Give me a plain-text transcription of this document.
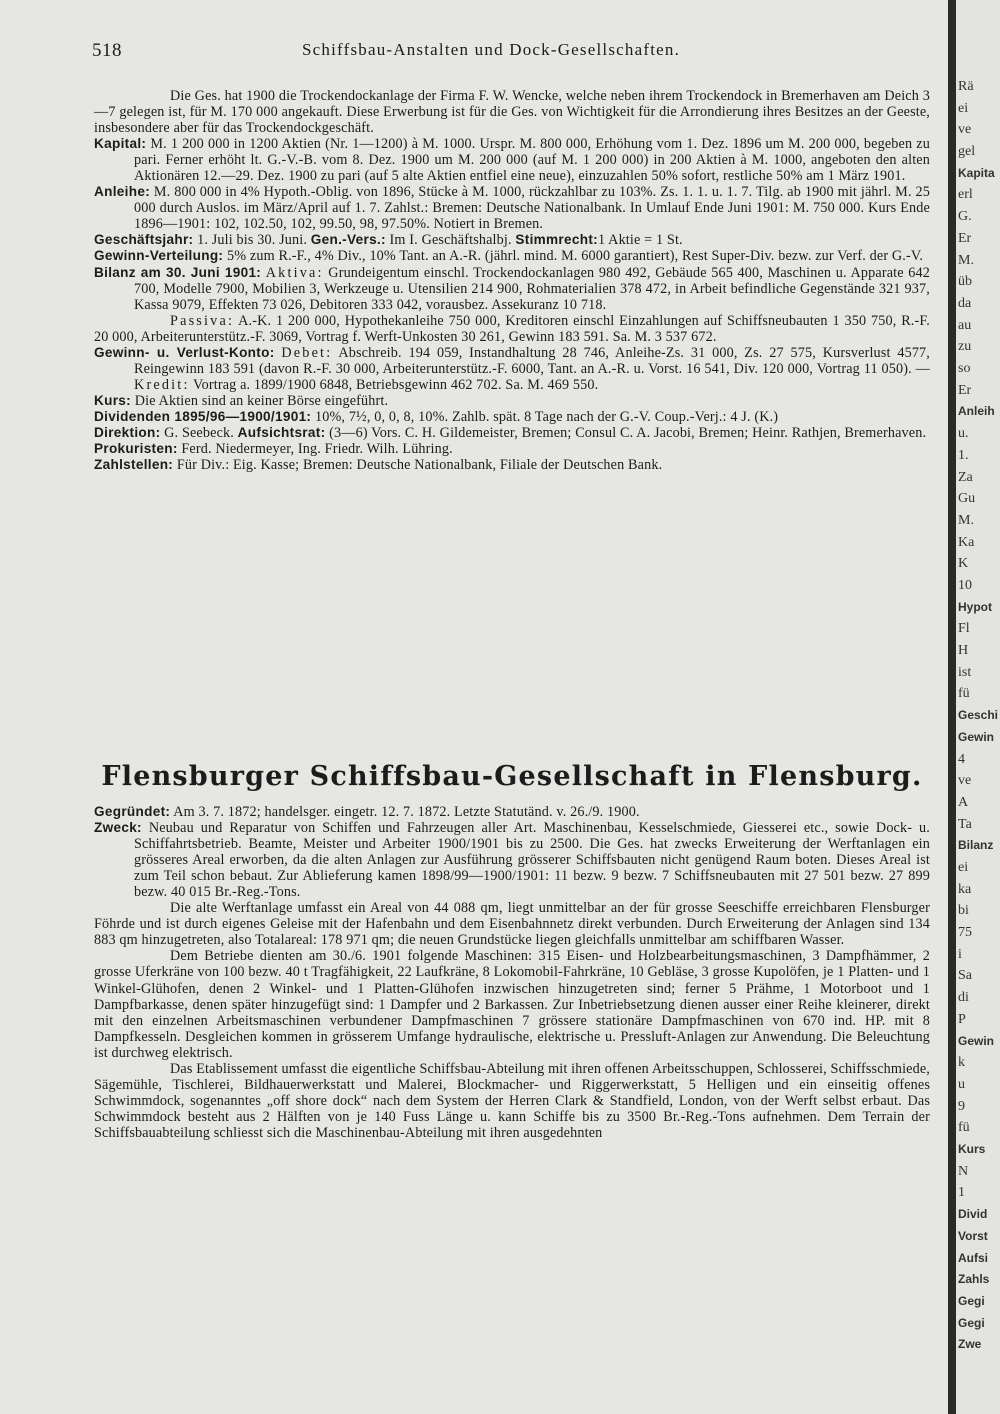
518	Schiffsbau-Anstalten und Dock-Gesellschaften.

Die Ges. hat 1900 die Trockendockanlage der Firma F. W. Wencke, welche neben ihrem Trockendock in Bremerhaven am Deich 3—7 gelegen ist, für M. 170 000 angekauft. Diese Erwerbung ist für die Ges. von Wichtigkeit für die Arrondierung ihres Besitzes an der Geeste, insbesondere aber für das Trockendockgeschäft.

Kapital: M. 1 200 000 in 1200 Aktien (Nr. 1—1200) à M. 1000. Urspr. M. 800 000, Erhöhung vom 1. Dez. 1896 um M. 200 000, begeben zu pari. Ferner erhöht lt. G.-V.-B. vom 8. Dez. 1900 um M. 200 000 (auf M. 1 200 000) in 200 Aktien à M. 1000, angeboten den alten Aktionären 12.—29. Dez. 1900 zu pari (auf 5 alte Aktien entfiel eine neue), einzuzahlen 50% sofort, restliche 50% am 1 März 1901.

Anleihe: M. 800 000 in 4% Hypoth.-Oblig. von 1896, Stücke à M. 1000, rückzahlbar zu 103%. Zs. 1. 1. u. 1. 7. Tilg. ab 1900 mit jährl. M. 25 000 durch Auslos. im März/April auf 1. 7. Zahlst.: Bremen: Deutsche Nationalbank. In Umlauf Ende Juni 1901: M. 750 000. Kurs Ende 1896—1901: 102, 102.50, 102, 99.50, 98, 97.50%. Notiert in Bremen.

Geschäftsjahr: 1. Juli bis 30. Juni. Gen.-Vers.: Im I. Geschäftshalbj. Stimmrecht:1 Aktie = 1 St.

Gewinn-Verteilung: 5% zum R.-F., 4% Div., 10% Tant. an A.-R. (jährl. mind. M. 6000 garantiert), Rest Super-Div. bezw. zur Verf. der G.-V.

Bilanz am 30. Juni 1901: Aktiva: Grundeigentum einschl. Trockendockanlagen 980 492, Gebäude 565 400, Maschinen u. Apparate 642 700, Modelle 7900, Mobilien 3, Werkzeuge u. Utensilien 214 900, Rohmaterialien 378 472, in Arbeit befindliche Gegenstände 321 937, Kassa 9079, Effekten 73 026, Debitoren 333 042, vorausbez. Assekuranz 10 718.

Passiva: A.-K. 1 200 000, Hypothekanleihe 750 000, Kreditoren einschl Einzahlungen auf Schiffsneubauten 1 350 750, R.-F. 20 000, Arbeiterunterstütz.-F. 3069, Vortrag f. Werft-Unkosten 30 261, Gewinn 183 591. Sa. M. 3 537 672.

Gewinn- u. Verlust-Konto: Debet: Abschreib. 194 059, Instandhaltung 28 746, Anleihe-Zs. 31 000, Zs. 27 575, Kursverlust 4577, Reingewinn 183 591 (davon R.-F. 30 000, Arbeiterunterstütz.-F. 6000, Tant. an A.-R. u. Vorst. 16 541, Div. 120 000, Vortrag 11 050). — Kredit: Vortrag a. 1899/1900 6848, Betriebsgewinn 462 702. Sa. M. 469 550.

Kurs: Die Aktien sind an keiner Börse eingeführt.

Dividenden 1895/96—1900/1901: 10%, 7½, 0, 0, 8, 10%. Zahlb. spät. 8 Tage nach der G.-V. Coup.-Verj.: 4 J. (K.)

Direktion: G. Seebeck. Aufsichtsrat: (3—6) Vors. C. H. Gildemeister, Bremen; Consul C. A. Jacobi, Bremen; Heinr. Rathjen, Bremerhaven.

Prokuristen: Ferd. Niedermeyer, Ing. Friedr. Wilh. Lühring.

Zahlstellen: Für Div.: Eig. Kasse; Bremen: Deutsche Nationalbank, Filiale der Deutschen Bank.

Flensburger Schiffsbau-Gesellschaft in Flensburg.

Gegründet: Am 3. 7. 1872; handelsger. eingetr. 12. 7. 1872. Letzte Statutänd. v. 26./9. 1900.

Zweck: Neubau und Reparatur von Schiffen und Fahrzeugen aller Art. Maschinenbau, Kesselschmiede, Giesserei etc., sowie Dock- u. Schiffahrtsbetrieb. Beamte, Meister und Arbeiter 1900/1901 bis zu 2500. Die Ges. hat zwecks Erweiterung der Werftanlagen ein grösseres Areal erworben, da die alten Anlagen zur Ausführung grösserer Schiffsbauten nicht genügend Raum boten. Dieses Areal ist zum Teil schon bebaut. Zur Ablieferung kamen 1898/99—1900/1901: 11 bezw. 9 bezw. 7 Schiffsneubauten mit 27 501 bezw. 27 899 bezw. 40 015 Br.-Reg.-Tons.

Die alte Werftanlage umfasst ein Areal von 44 088 qm, liegt unmittelbar an der für grosse Seeschiffe erreichbaren Flensburger Föhrde und ist durch eigenes Geleise mit der Hafenbahn und dem Eisenbahnnetz direkt verbunden. Durch Erweiterung der Anlagen sind 134 883 qm hinzugetreten, also Totalareal: 178 971 qm; die neuen Grundstücke liegen gleichfalls unmittelbar am schiffbaren Wasser.

Dem Betriebe dienten am 30./6. 1901 folgende Maschinen: 315 Eisen- und Holzbearbeitungsmaschinen, 3 Dampfhämmer, 2 grosse Uferkräne von 100 bezw. 40 t Tragfähigkeit, 22 Laufkräne, 8 Lokomobil-Fahrkräne, 10 Gebläse, 3 grosse Kupolöfen, je 1 Platten- und 1 Winkel-Glühofen, denen 2 Winkel- und 1 Platten-Glühofen inzwischen hinzugetreten sind; ferner 5 Prähme, 1 Motorboot und 1 Dampfbarkasse, denen später hinzugefügt sind: 1 Dampfer und 2 Barkassen. Zur Inbetriebsetzung dienen ausser einer Reihe kleinerer, direkt mit den einzelnen Arbeitsmaschinen verbundener Dampfmaschinen 7 grössere stationäre Dampfmaschinen von 670 ind. HP. mit 8 Dampfkesseln. Desgleichen kommen in grösserem Umfange hydraulische, elektrische u. Pressluft-Anlagen zur Anwendung. Die Beleuchtung ist durchweg elektrisch.

Das Etablissement umfasst die eigentliche Schiffsbau-Abteilung mit ihren offenen Arbeitsschuppen, Schlosserei, Schiffsschmiede, Sägemühle, Tischlerei, Bildhauerwerkstatt und Malerei, Blockmacher- und Riggerwerkstatt, 5 Helligen und ein einseitig offenes Schwimmdock, sogenanntes „off shore dock“ nach dem System der Herren Clark & Standfield, London, von der Werft selbst erbaut. Das Schwimmdock besteht aus 2 Hälften von je 140 Fuss Länge u. kann Schiffe bis zu 3500 Br.-Reg.-Tons aufnehmen. Dem Terrain der Schiffsbauabteilung schliesst sich die Maschinenbau-Abteilung mit ihren ausgedehnten

Rä
ei
ve
gel
Kapita
erl
G.
Er
M.
üb
da
au
zu
so
Er
Anleih
u.
1.
Za
Gu
M.
Ka
K
10
Hypot
Fl
H
ist
fü
Geschi
Gewin
4
ve
A
Ta
Bilanz
ei
ka
bi
75
i
Sa
di
P
Gewin
k
u
9
fü
Kurs
N
1
Divid
Vorst
Aufsi
Zahls
Gegi
Gegi
Zwe
